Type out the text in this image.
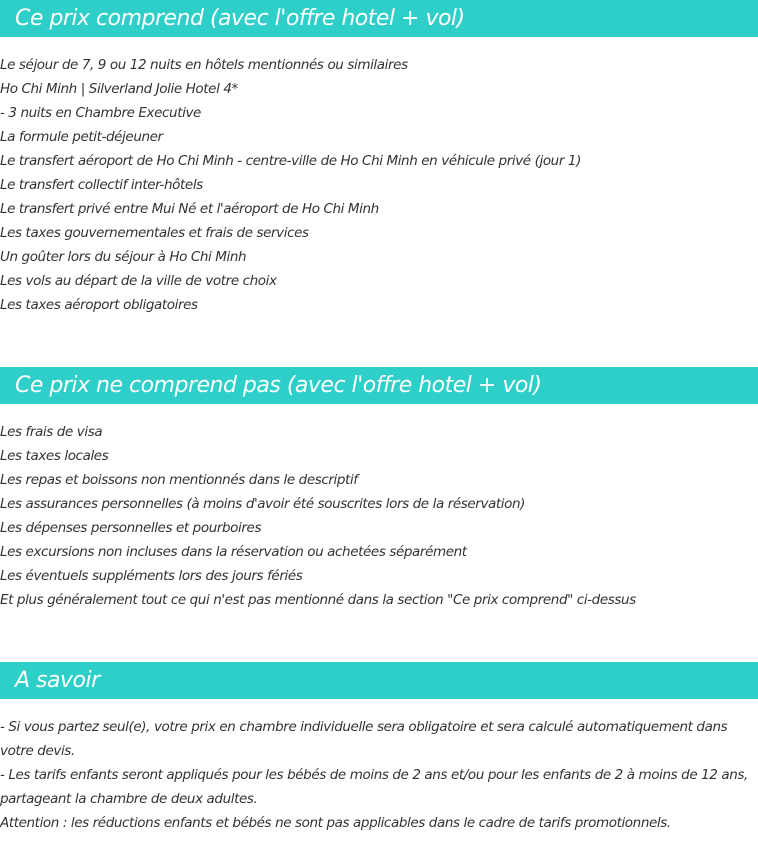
Ce prix comprend (avec l'offre hotel + vol)
Le séjour de 7, 9 ou 12 nuits en hôtels mentionnés ou similaires
Ho Chi Minh | Silverland Jolie Hotel 4*
- 3 nuits en Chambre Executive
La formule petit-déjeuner
Le transfert aéroport de Ho Chi Minh - centre-ville de Ho Chi Minh en véhicule privé (jour 1)
Le transfert collectif inter-hôtels
Le transfert privé entre Mui Né et l'aéroport de Ho Chi Minh
Les taxes gouvernementales et frais de services
Un goûter lors du séjour à Ho Chi Minh
Les vols au départ de la ville de votre choix
Les taxes aéroport obligatoires
Ce prix ne comprend pas (avec l'offre hotel + vol)
Les frais de visa
Les taxes locales
Les repas et boissons non mentionnés dans le descriptif
Les assurances personnelles (à moins d'avoir été souscrites lors de la réservation)
Les dépenses personnelles et pourboires
Les excursions non incluses dans la réservation ou achetées séparément
Les éventuels suppléments lors des jours fériés
Et plus généralement tout ce qui n'est pas mentionné dans la section "Ce prix comprend" ci-dessus
A savoir

- Si vous partez seul(e), votre prix en chambre individuelle sera obligatoire et sera calculé automatiquement dans votre devis.

- Les tarifs enfants seront appliqués pour les bébés de moins de 2 ans et/ou pour les enfants de 2 à moins de 12 ans, partageant la chambre de deux adultes.

Attention : les réductions enfants et bébés ne sont pas applicables dans le cadre de tarifs promotionnels.
